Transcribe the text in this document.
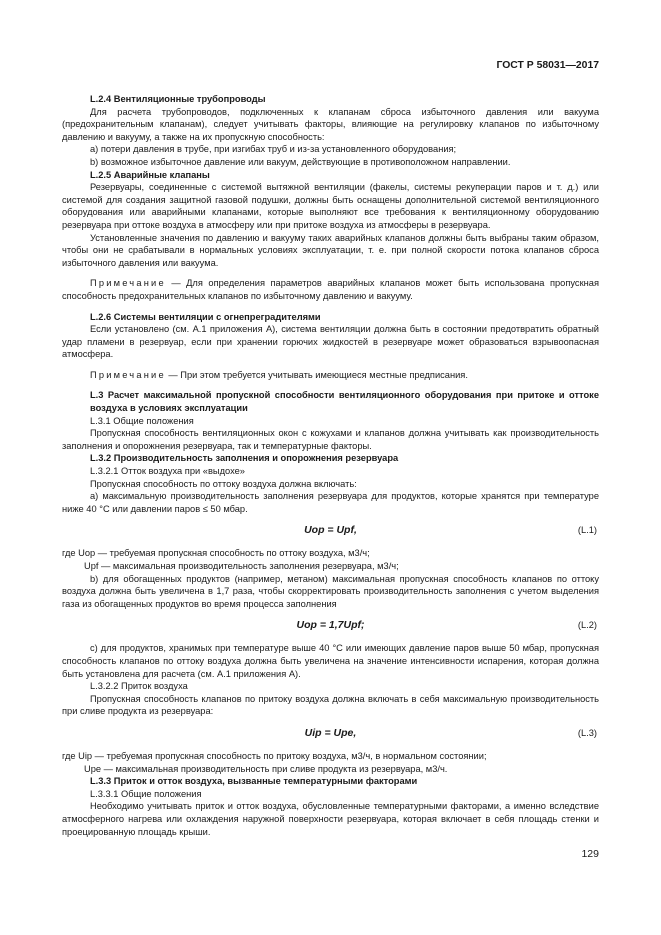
ГОСТ Р 58031—2017

L.2.4 Вентиляционные трубопроводы

Для расчета трубопроводов, подключенных к клапанам сброса избыточного давления или вакуума (предохранительным клапанам), следует учитывать факторы, влияющие на регулировку клапанов по избыточному давлению и вакууму, а также на их пропускную способность:

a) потери давления в трубе, при изгибах труб и из-за установленного оборудования;

b) возможное избыточное давление или вакуум, действующие в противоположном направлении.

L.2.5 Аварийные клапаны

Резервуары, соединенные с системой вытяжной вентиляции (факелы, системы рекуперации паров и т. д.) или системой для создания защитной газовой подушки, должны быть оснащены дополнительной системой вентиляционного оборудования или аварийными клапанами, которые выполняют все требования к вентиляционному оборудованию резервуара при оттоке воздуха в атмосферу или при притоке воздуха из атмосферы в резервуара.

Установленные значения по давлению и вакууму таких аварийных клапанов должны быть выбраны таким образом, чтобы они не срабатывали в нормальных условиях эксплуатации, т. е. при полной скорости потока клапанов сброса избыточного давления или вакуума.

Примечание — Для определения параметров аварийных клапанов может быть использована пропускная способность предохранительных клапанов по избыточному давлению и вакууму.

L.2.6 Системы вентиляции с огнепреградителями

Если установлено (см. А.1 приложения А), система вентиляции должна быть в состоянии предотвратить обратный удар пламени в резервуар, если при хранении горючих жидкостей в резервуаре может образоваться взрывоопасная атмосфера.

Примечание — При этом требуется учитывать имеющиеся местные предписания.

L.3 Расчет максимальной пропускной способности вентиляционного оборудования при притоке и оттоке воздуха в условиях эксплуатации

L.3.1 Общие положения

Пропускная способность вентиляционных окон с кожухами и клапанов должна учитывать как производительность заполнения и опорожнения резервуара, так и температурные факторы.

L.3.2 Производительность заполнения и опорожнения резервуара

L.3.2.1 Отток воздуха при «выдохе»

Пропускная способность по оттоку воздуха должна включать:

a) максимальную производительность заполнения резервуара для продуктов, которые хранятся при температуре ниже 40 °С или давлении паров ≤ 50 мбар.

Uop = Upf,	(L.1)

где Uop — требуемая пропускная способность по оттоку воздуха, м3/ч;

Upf — максимальная производительность заполнения резервуара, м3/ч;

b) для обогащенных продуктов (например, метаном) максимальная пропускная способность клапанов по оттоку воздуха должна быть увеличена в 1,7 раза, чтобы скорректировать производительность заполнения с учетом выделения газа из обогащенных продуктов во время процесса заполнения

Uop = 1,7Upf;	(L.2)

с) для продуктов, хранимых при температуре выше 40 °С или имеющих давление паров выше 50 мбар, пропускная способность клапанов по оттоку воздуха должна быть увеличена на значение интенсивности испарения, которая должна быть установлена для расчета (см. А.1 приложения А).

L.3.2.2 Приток воздуха

Пропускная способность клапанов по притоку воздуха должна включать в себя максимальную производительность при сливе продукта из резервуара:

Uip = Upe,	(L.3)

где Uip — требуемая пропускная способность по притоку воздуха, м3/ч, в нормальном состоянии;

Upe — максимальная производительность при сливе продукта из резервуара, м3/ч.

L.3.3 Приток и отток воздуха, вызванные температурными факторами

L.3.3.1 Общие положения

Необходимо учитывать приток и отток воздуха, обусловленные температурными факторами, а именно вследствие атмосферного нагрева или охлаждения наружной поверхности резервуара, которая включает в себя площадь стенки и проецированную площадь крыши.

129
